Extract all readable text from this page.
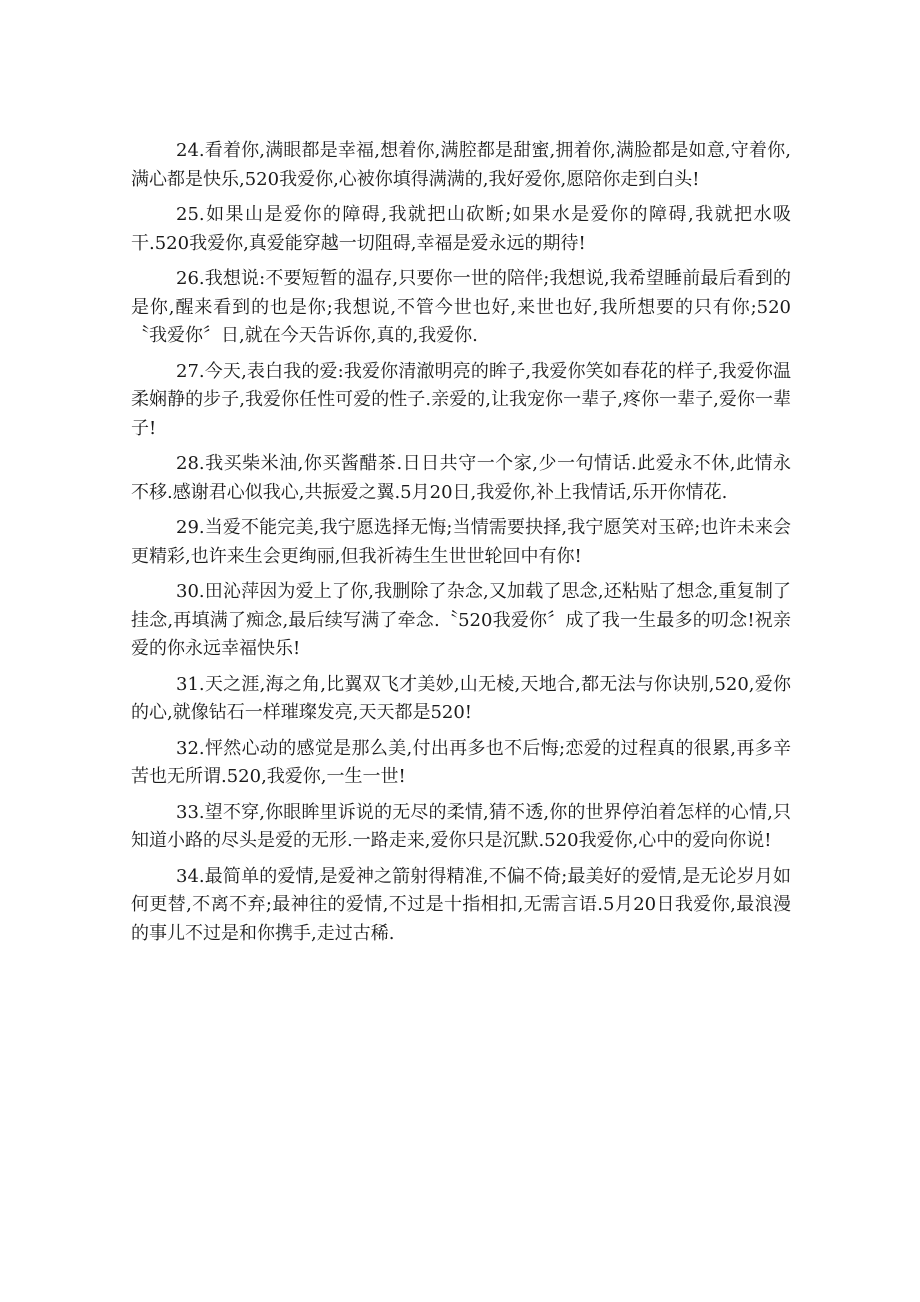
24.看着你,满眼都是幸福,想着你,满腔都是甜蜜,拥着你,满脸都是如意,守着你,满心都是快乐,520我爱你,心被你填得满满的,我好爱你,愿陪你走到白头!

25.如果山是爱你的障碍,我就把山砍断;如果水是爱你的障碍,我就把水吸干.520我爱你,真爱能穿越一切阻碍,幸福是爱永远的期待!

26.我想说:不要短暂的温存,只要你一世的陪伴;我想说,我希望睡前最后看到的是你,醒来看到的也是你;我想说,不管今世也好,来世也好,我所想要的只有你;520〝我爱你〞日,就在今天告诉你,真的,我爱你.

27.今天,表白我的爱:我爱你清澈明亮的眸子,我爱你笑如春花的样子,我爱你温柔娴静的步子,我爱你任性可爱的性子.亲爱的,让我宠你一辈子,疼你一辈子,爱你一辈子!

28.我买柴米油,你买酱醋茶.日日共守一个家,少一句情话.此爱永不休,此情永不移.感谢君心似我心,共振爱之翼.5月20日,我爱你,补上我情话,乐开你情花.

29.当爱不能完美,我宁愿选择无悔;当情需要抉择,我宁愿笑对玉碎;也许未来会更精彩,也许来生会更绚丽,但我祈祷生生世世轮回中有你!

30.田沁萍因为爱上了你,我删除了杂念,又加载了思念,还粘贴了想念,重复制了挂念,再填满了痴念,最后续写满了牵念.〝520我爱你〞成了我一生最多的叨念!祝亲爱的你永远幸福快乐!

31.天之涯,海之角,比翼双飞才美妙,山无棱,天地合,都无法与你诀别,520,爱你的心,就像钻石一样璀璨发亮,天天都是520!

32.怦然心动的感觉是那么美,付出再多也不后悔;恋爱的过程真的很累,再多辛苦也无所谓.520,我爱你,一生一世!

33.望不穿,你眼眸里诉说的无尽的柔情,猜不透,你的世界停泊着怎样的心情,只知道小路的尽头是爱的无形.一路走来,爱你只是沉默.520我爱你,心中的爱向你说!

34.最简单的爱情,是爱神之箭射得精准,不偏不倚;最美好的爱情,是无论岁月如何更替,不离不弃;最神往的爱情,不过是十指相扣,无需言语.5月20日我爱你,最浪漫的事儿不过是和你携手,走过古稀.
